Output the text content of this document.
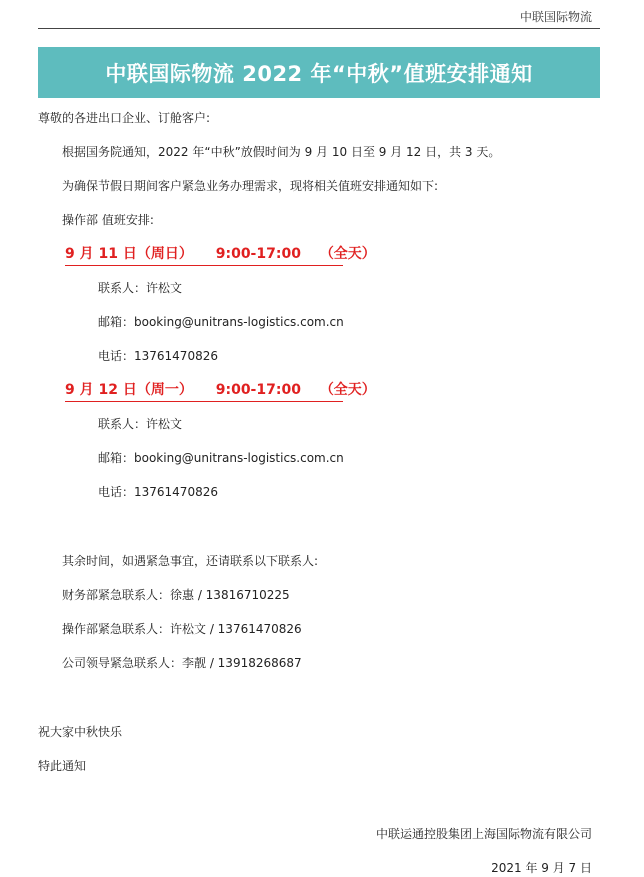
中联国际物流
中联国际物流 2022 年“中秋”值班安排通知
尊敬的各进出口企业、订舱客户:
根据国务院通知，2022 年“中秋”放假时间为 9 月 10 日至 9 月 12 日，共 3 天。
为确保节假日期间客户紧急业务办理需求，现将相关值班安排通知如下:
操作部 值班安排:
9 月 11 日（周日） 9:00-17:00 （全天）
联系人：许松文
邮箱：booking@unitrans-logistics.com.cn
电话：13761470826
9 月 12 日（周一） 9:00-17:00 （全天）
联系人：许松文
邮箱：booking@unitrans-logistics.com.cn
电话：13761470826
其余时间，如遇紧急事宜，还请联系以下联系人:
财务部紧急联系人：徐惠 / 13816710225
操作部紧急联系人：许松文 / 13761470826
公司领导紧急联系人：李靓 / 13918268687
祝大家中秋快乐
特此通知
中联运通控股集团上海国际物流有限公司
2021 年 9 月 7 日
